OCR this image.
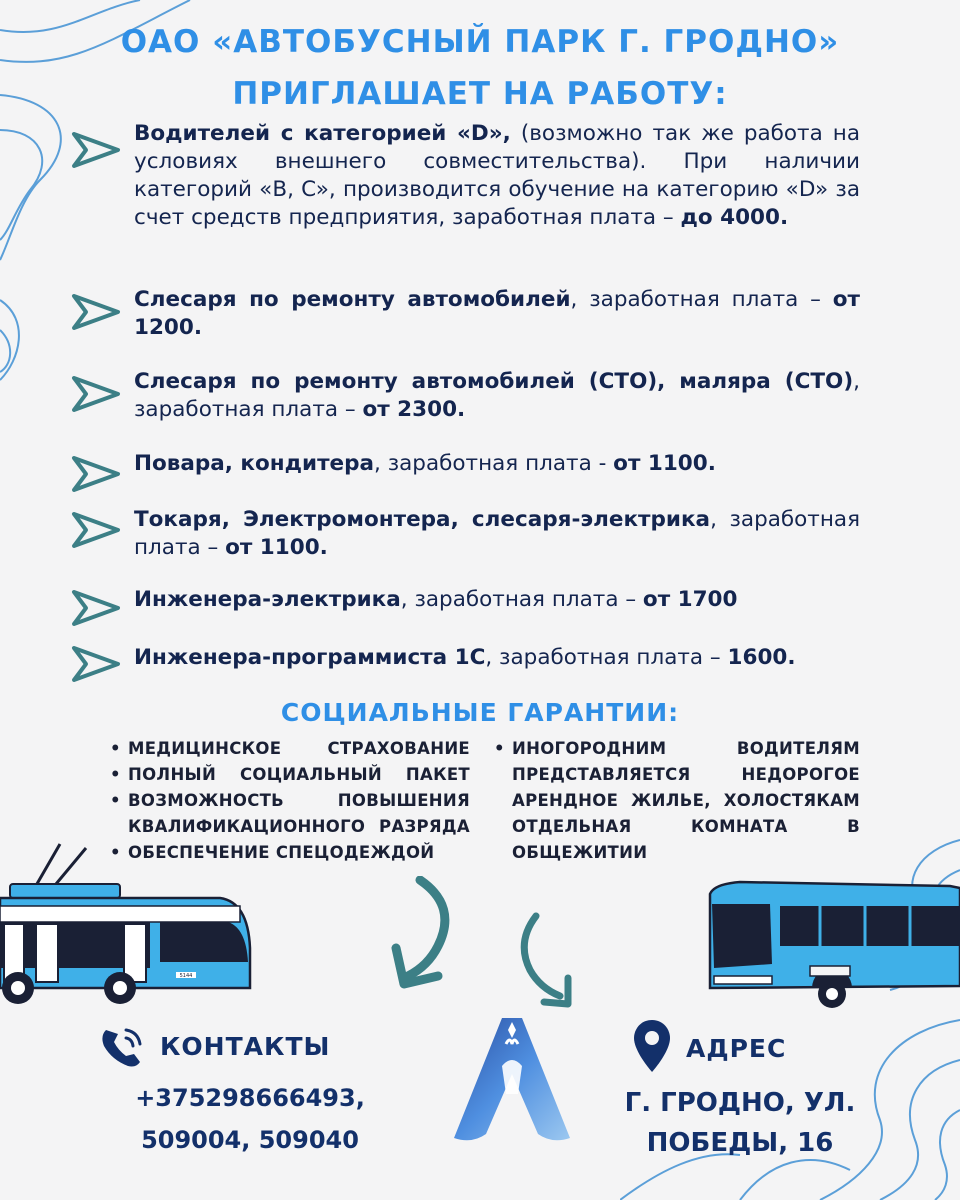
ОАО «АВТОБУСНЫЙ ПАРК Г. ГРОДНО»
ПРИГЛАШАЕТ НА РАБОТУ:
Водителей с категорией «D», (возможно так же работа на условиях внешнего совместительства). При наличии категорий «B, C», производится обучение на категорию «D» за счет средств предприятия, заработная плата – до 4000.
Слесаря по ремонту автомобилей, заработная плата – от 1200.
Слесаря по ремонту автомобилей (СТО), маляра (СТО), заработная плата – от 2300.
Повара, кондитера, заработная плата - от 1100.
Токаря, Электромонтера, слесаря-электрика, заработная плата – от 1100.
Инженера-электрика, заработная плата – от 1700
Инженера-программиста 1С, заработная плата – 1600.
СОЦИАЛЬНЫЕ ГАРАНТИИ:
• МЕДИЦИНСКОЕ СТРАХОВАНИЕ
• ПОЛНЫЙ СОЦИАЛЬНЫЙ ПАКЕТ
• ВОЗМОЖНОСТЬ ПОВЫШЕНИЯ КВАЛИФИКАЦИОННОГО РАЗРЯДА
• ОБЕСПЕЧЕНИЕ СПЕЦОДЕЖДОЙ
• ИНОГОРОДНИМ ВОДИТЕЛЯМ ПРЕДСТАВЛЯЕТСЯ НЕДОРОГОЕ АРЕНДНОЕ ЖИЛЬЕ, ХОЛОСТЯКАМ ОТДЕЛЬНАЯ КОМНАТА В ОБЩЕЖИТИИ
5144
КОНТАКТЫ
+375298666493,
509004, 509040
АДРЕС
Г. ГРОДНО, УЛ.
ПОБЕДЫ, 16
